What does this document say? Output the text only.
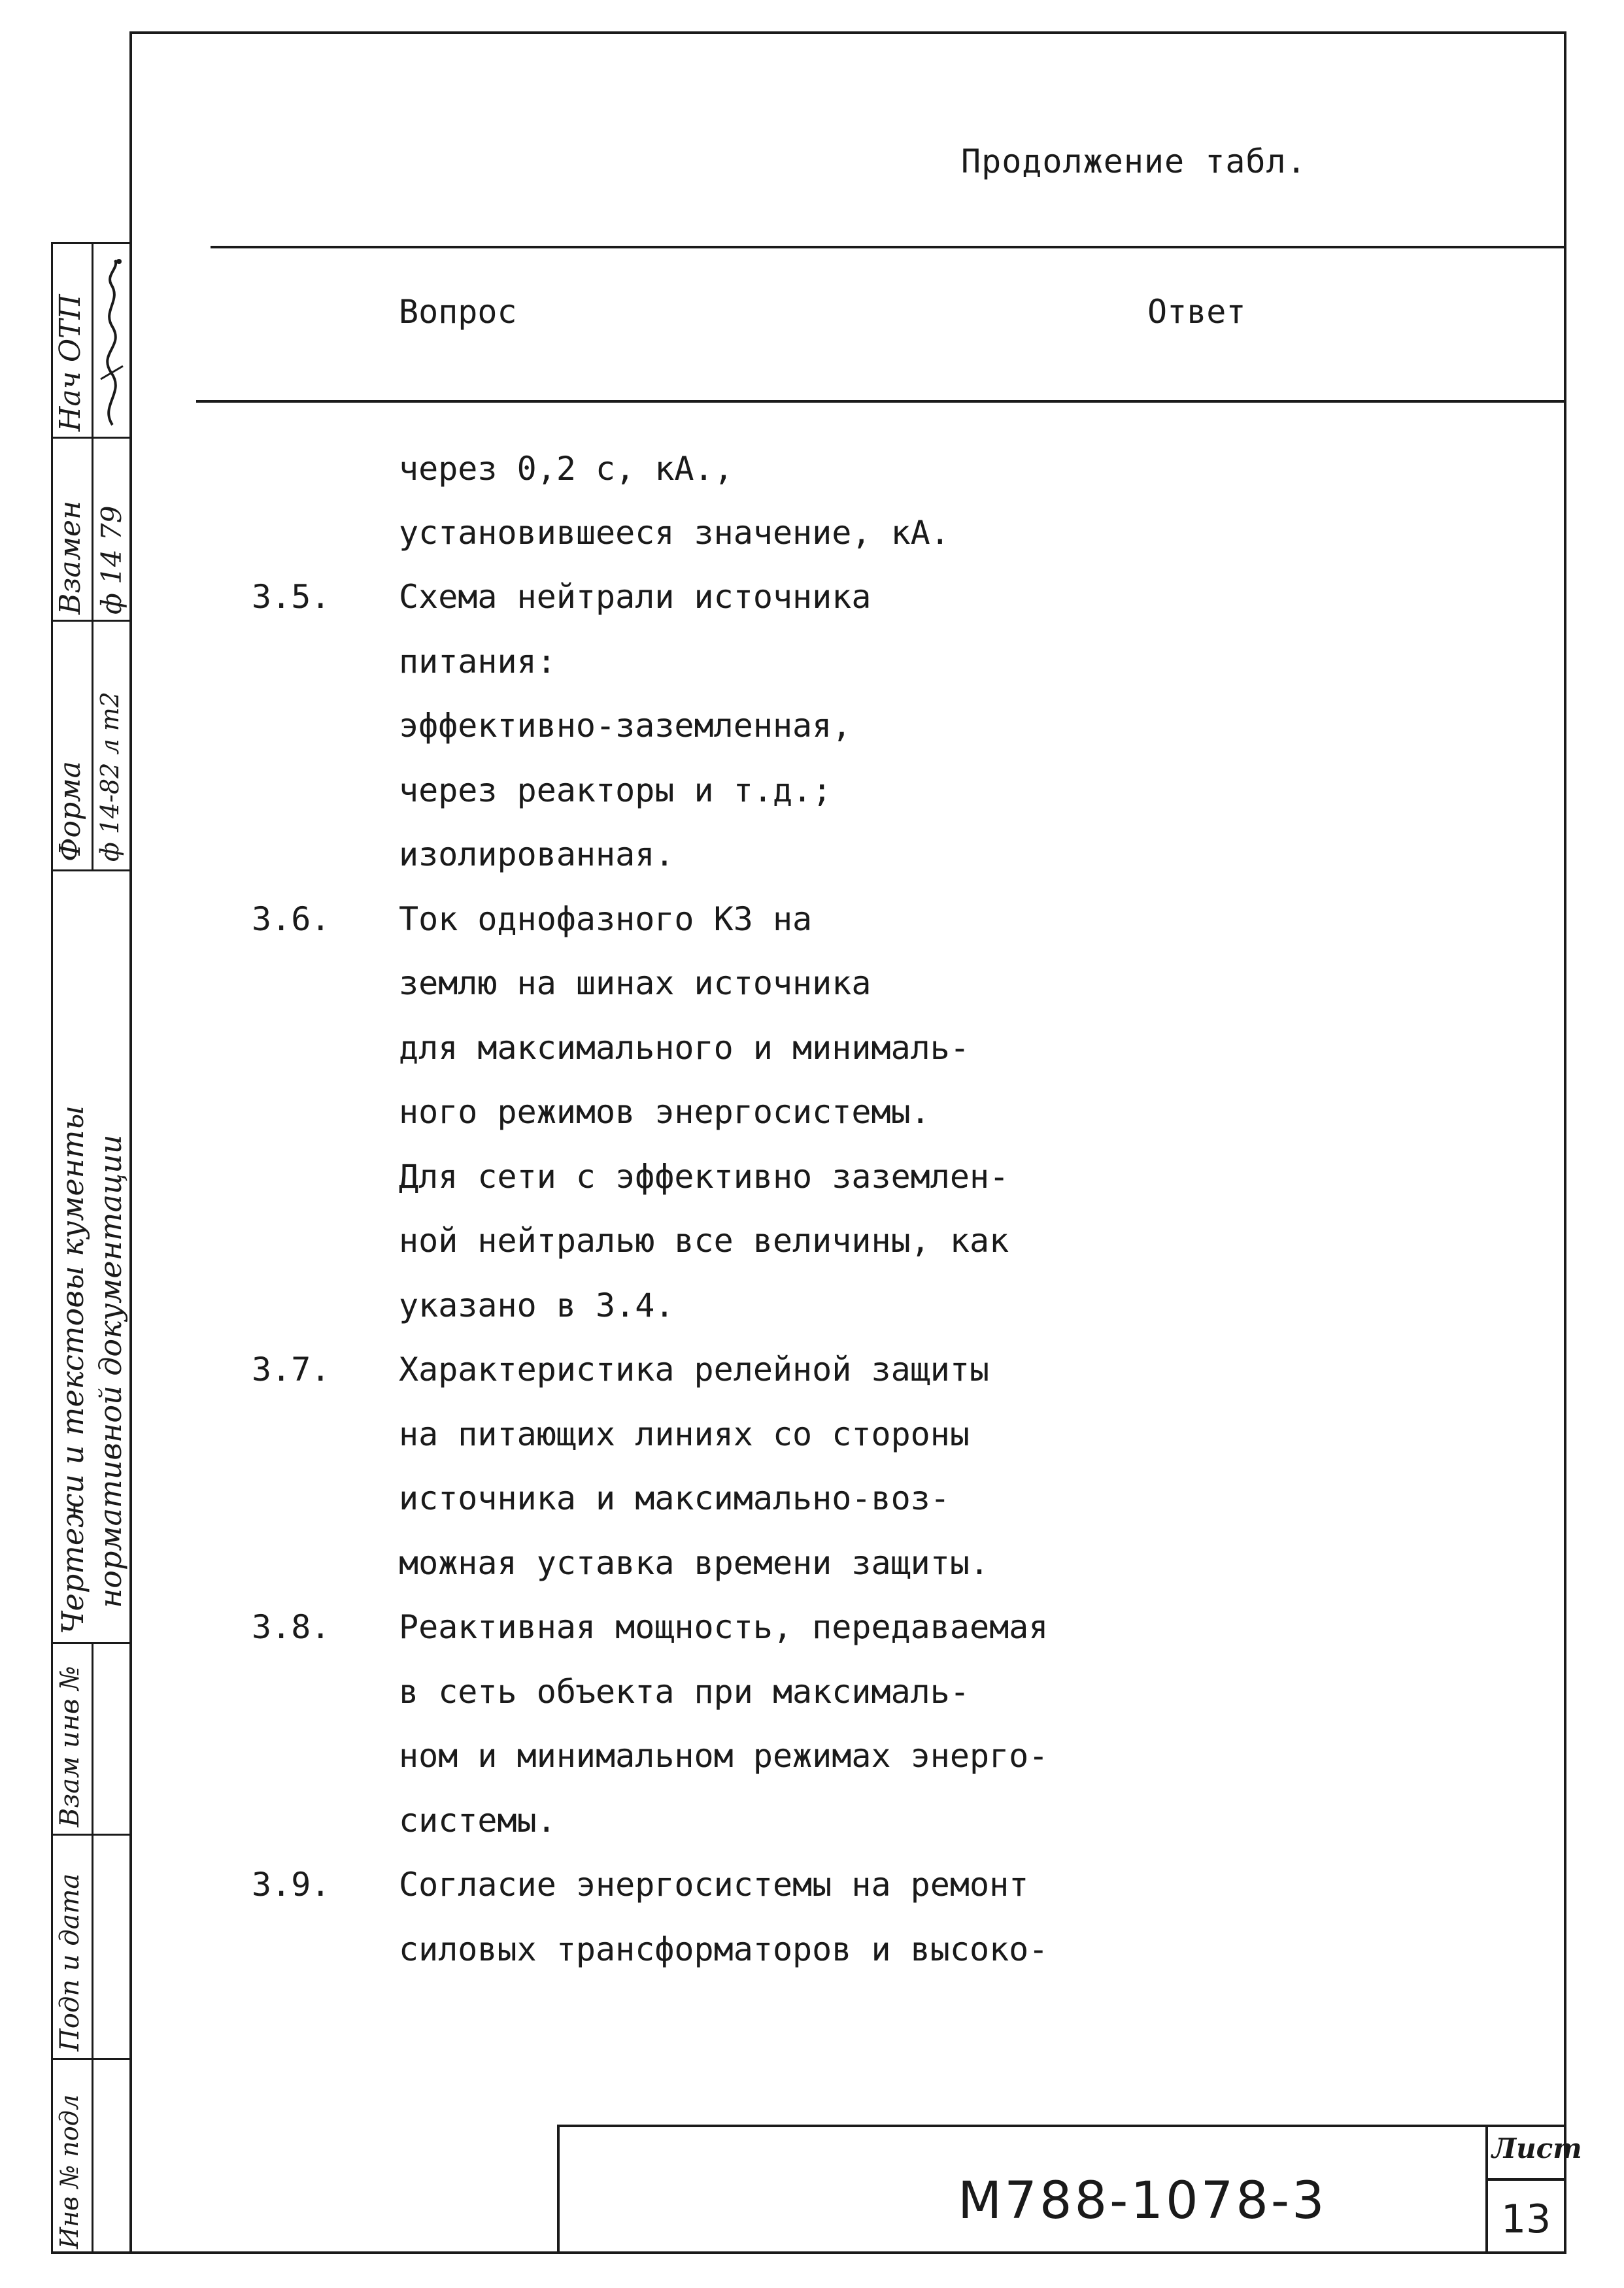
Продолжение табл.
Вопрос	Ответ
через 0,2 с, кА.,
установившееся значение, кА.
3.5. Схема нейтрали источника
питания:
эффективно-заземленная,
через реакторы и т.д.;
изолированная.
3.6. Ток однофазного КЗ на
землю на шинах источника
для максимального и минималь-
ного режимов энергосистемы.
Для сети с эффективно заземлен-
ной нейтралью все величины, как
указано в 3.4.
3.7. Характеристика релейной защиты
на питающих линиях со стороны
источника и максимально-воз-
можная уставка времени защиты.
3.8. Реактивная мощность, передаваемая
в сеть объекта при максималь-
ном и минимальном режимах энерго-
системы.
3.9. Согласие энергосистемы на ремонт
силовых трансформаторов и высоко-
Нач ОТП
Взамен ф 14 79
Форма ф 14-82 л т2
Чертежи и текстовы кументы нормативной документации
Взам инв №
Подп и дата
Инв № подл	М788-1078-3
Лист
13
